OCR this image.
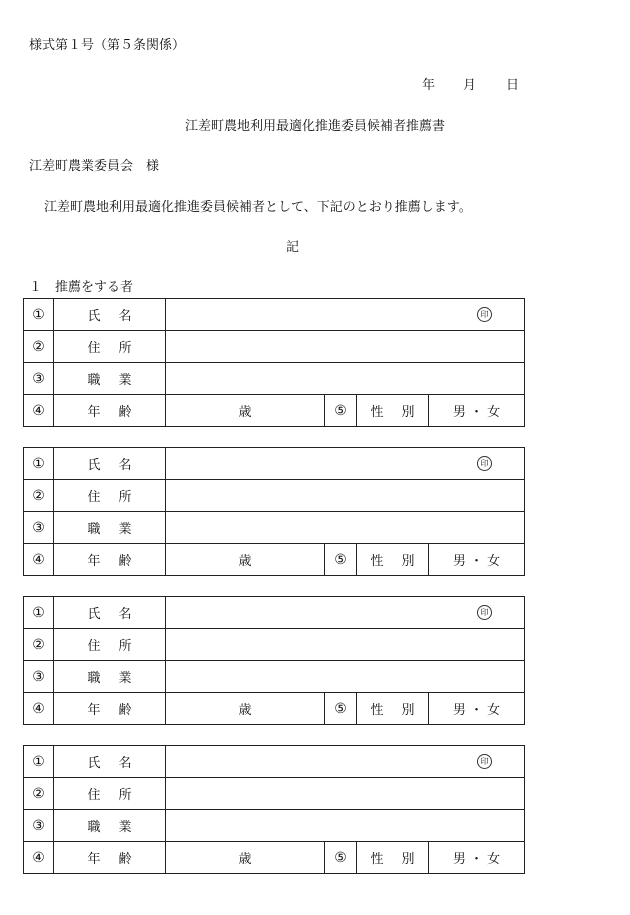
様式第１号（第５条関係）
年 月 日
江差町農地利用最適化推進委員候補者推薦書
江差町農業委員会　様
江差町農地利用最適化推進委員候補者として、下記のとおり推薦します。
記
１　推薦をする者
①	氏 名	印			

②	住 所				
③	職 業				
④	年 齢	歳	⑤	性 別	男 ・ 女
①	氏 名	印			

②	住 所				
③	職 業				
④	年 齢	歳	⑤	性 別	男 ・ 女
①	氏 名	印			

②	住 所				
③	職 業				
④	年 齢	歳	⑤	性 別	男 ・ 女
①	氏 名	印			

②	住 所				
③	職 業				
④	年 齢	歳	⑤	性 別	男 ・ 女
